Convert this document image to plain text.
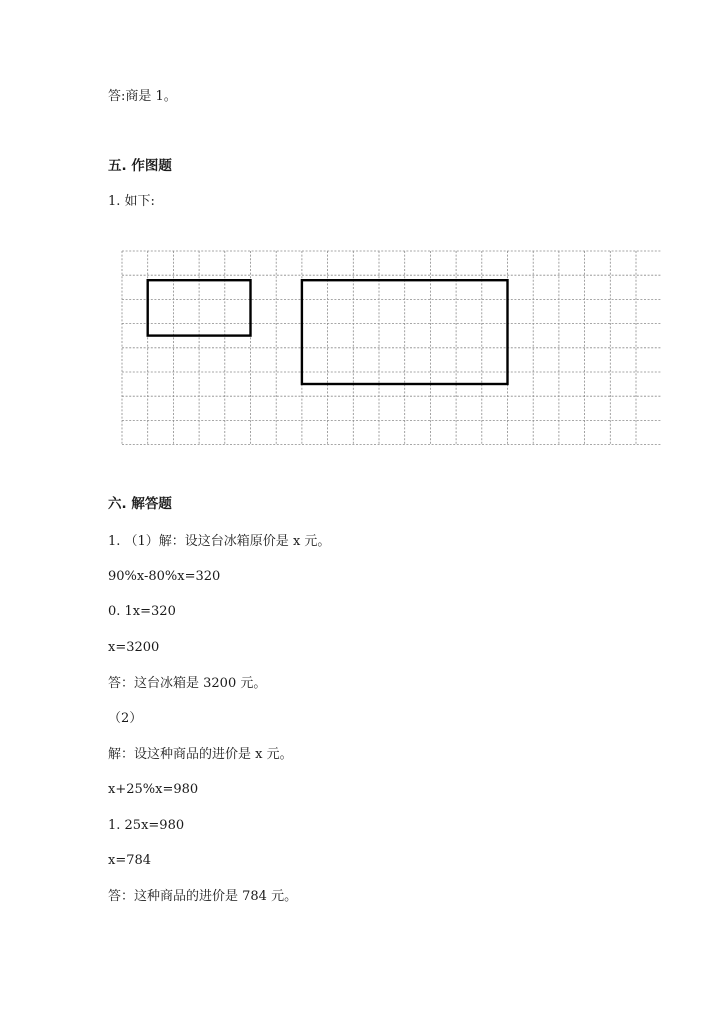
答:商是 1。
五. 作图题
1. 如下:
六. 解答题
1. （1）解：设这台冰箱原价是 x 元。
90%x-80%x=320
0. 1x=320
x=3200
答：这台冰箱是 3200 元。
（2）
解：设这种商品的进价是 x 元。
x+25%x=980
1. 25x=980
x=784
答：这种商品的进价是 784 元。
